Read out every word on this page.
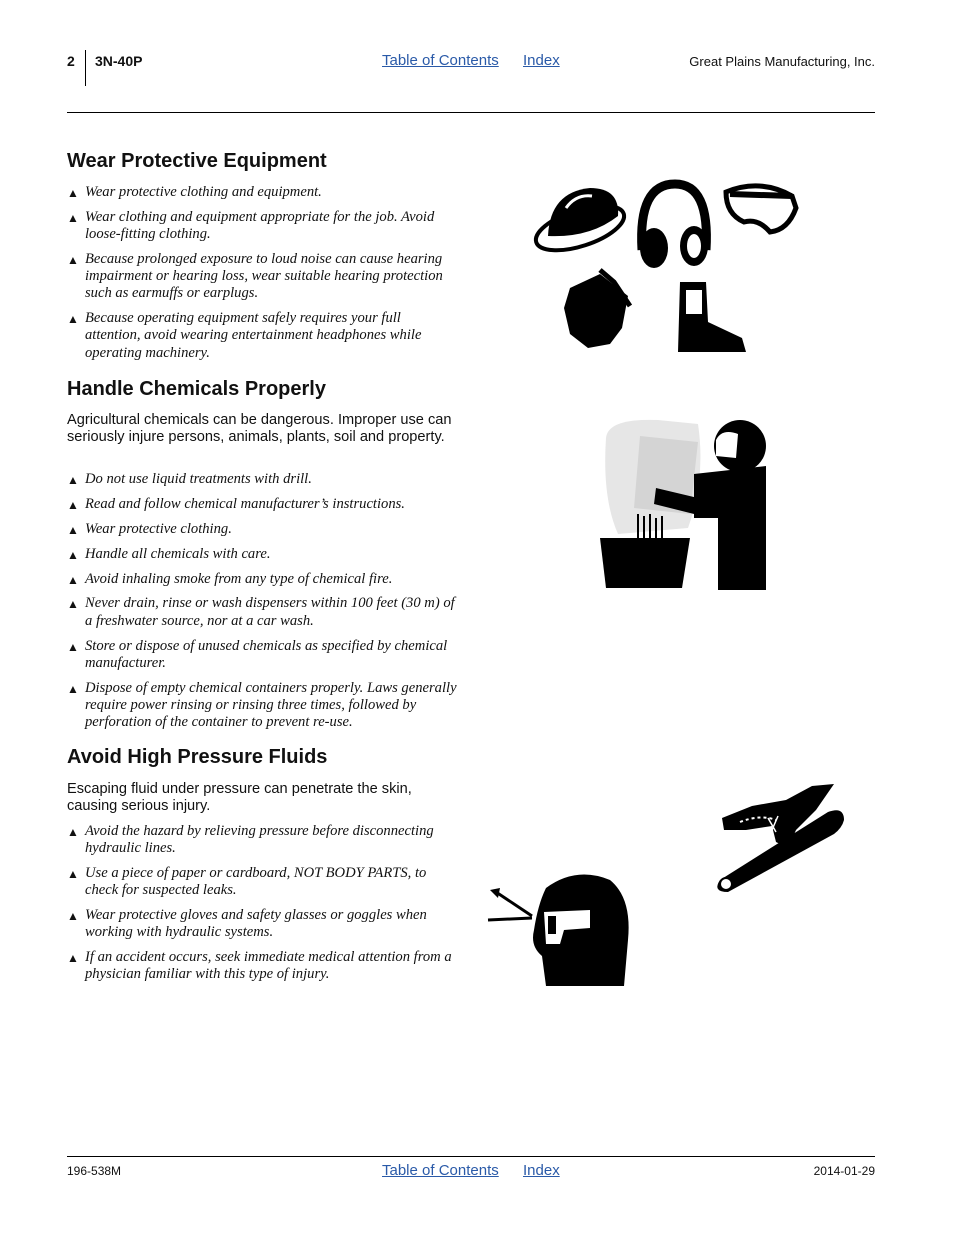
2 3N-40P	Table of Contents Index	Great Plains Manufacturing, Inc.
Wear Protective Equipment
▲ Wear protective clothing and equipment.
▲ Wear clothing and equipment appropriate for the job. Avoid loose-fitting clothing.
▲ Because prolonged exposure to loud noise can cause hearing impairment or hearing loss, wear suitable hearing protection such as earmuffs or earplugs.
▲ Because operating equipment safely requires your full attention, avoid wearing entertainment headphones while operating machinery.
Handle Chemicals Properly

Agricultural chemicals can be dangerous. Improper use can seriously injure persons, animals, plants, soil and property.

▲ Do not use liquid treatments with drill.
▲ Read and follow chemical manufacturer’s instructions.
▲ Wear protective clothing.
▲ Handle all chemicals with care.
▲ Avoid inhaling smoke from any type of chemical fire.
▲ Never drain, rinse or wash dispensers within 100 feet (30 m) of a freshwater source, nor at a car wash.
▲ Store or dispose of unused chemicals as specified by chemical manufacturer.
▲ Dispose of empty chemical containers properly. Laws generally require power rinsing or rinsing three times, followed by perforation of the container to prevent re-use.
Avoid High Pressure Fluids

Escaping fluid under pressure can penetrate the skin, causing serious injury.

▲ Avoid the hazard by relieving pressure before disconnecting hydraulic lines.
▲ Use a piece of paper or cardboard, NOT BODY PARTS, to check for suspected leaks.
▲ Wear protective gloves and safety glasses or goggles when working with hydraulic systems.
▲ If an accident occurs, seek immediate medical attention from a physician familiar with this type of injury.
196-538M	Table of Contents Index	2014-01-29
